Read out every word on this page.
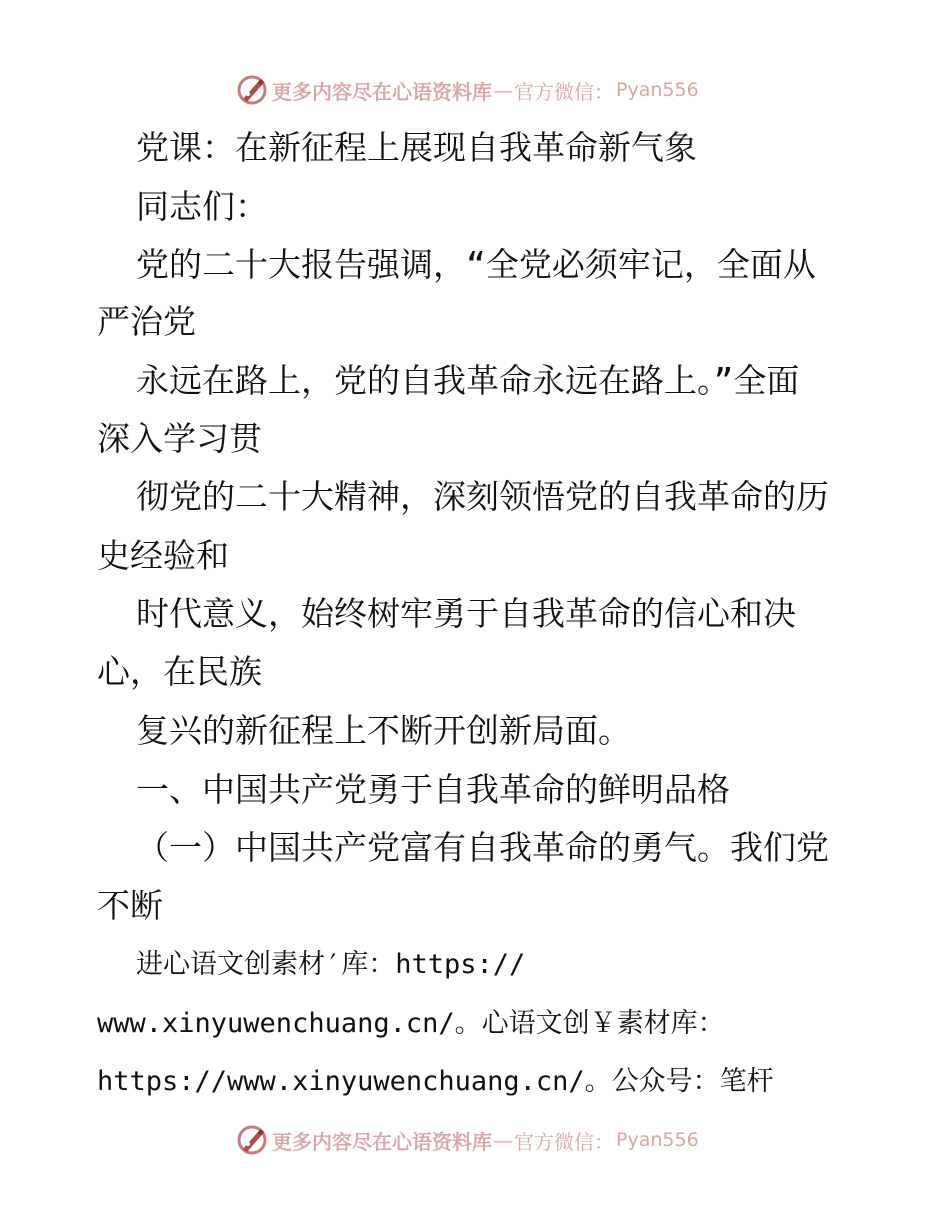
更多内容尽在心语资料库 — 官方微信： Pyan556
党课：在新征程上展现自我革命新气象
同志们：
党的二十大报告强调，“全党必须牢记，全面从
严治党
永远在路上，党的自我革命永远在路上。”全面
深入学习贯
彻党的二十大精神，深刻领悟党的自我革命的历
史经验和
时代意义，始终树牢勇于自我革命的信心和决
心，在民族
复兴的新征程上不断开创新局面。
一、中国共产党勇于自我革命的鲜明品格
（一）中国共产党富有自我革命的勇气。我们党
不断
进心语文创素材′库：https://
www.xinyuwenchuang.cn/。心语文创￥素材库：
https://www.xinyuwenchuang.cn/。公众号：笔杆
更多内容尽在心语资料库 — 官方微信： Pyan556
